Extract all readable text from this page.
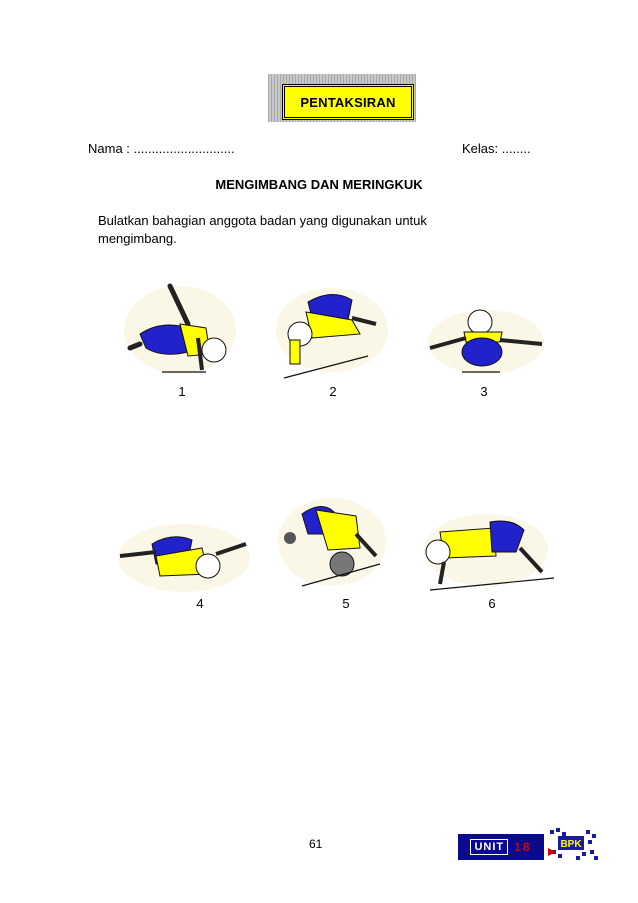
PENTAKSIRAN
Nama : ............................	Kelas: ........
MENGIMBANG DAN MERINGKUK
Bulatkan bahagian anggota badan yang digunakan untuk mengimbang.
1	2	3
4	5	6
61	UNIT 18	BPK
